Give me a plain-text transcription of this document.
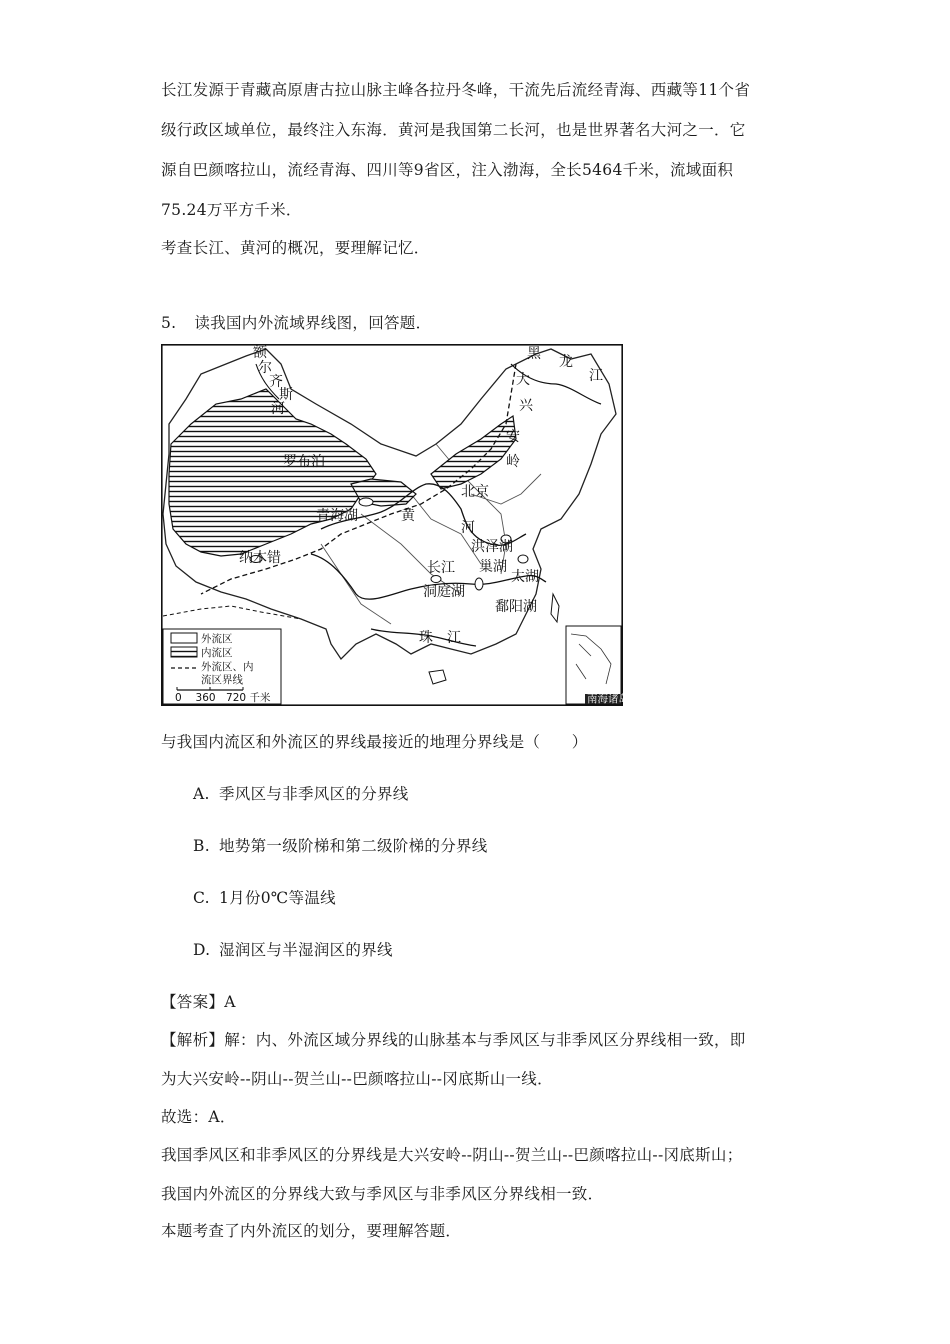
长江发源于青藏高原唐古拉山脉主峰各拉丹冬峰，干流先后流经青海、西藏等11个省
级行政区域单位，最终注入东海．黄河是我国第二长河，也是世界著名大河之一．它
源自巴颜喀拉山，流经青海、四川等9省区，注入渤海，全长5464千米，流域面积
75.24万平方千米．
考查长江、黄河的概况，要理解记忆．
5. 读我国内外流域界线图，回答题．
额
尔
齐
斯
河
黑 龙
江
大
兴
安
岭
罗布泊
北京
青海湖	黄
河
洪泽湖
巢湖
太湖
长江
洞庭湖
鄱阳湖
纳木错
珠　江
南海诸岛
外流区
内流区
外流区、内
流区界线
0　 360　720 千米
与我国内流区和外流区的界线最接近的地理分界线是（　　）
A. 季风区与非季风区的分界线
B. 地势第一级阶梯和第二级阶梯的分界线
C. 1月份0℃等温线
D. 湿润区与半湿润区的界线
【答案】A
【解析】解：内、外流区域分界线的山脉基本与季风区与非季风区分界线相一致，即
为大兴安岭--阴山--贺兰山--巴颜喀拉山--冈底斯山一线．
故选：A．
我国季风区和非季风区的分界线是大兴安岭--阴山--贺兰山--巴颜喀拉山--冈底斯山；
我国内外流区的分界线大致与季风区与非季风区分界线相一致．
本题考查了内外流区的划分，要理解答题．
